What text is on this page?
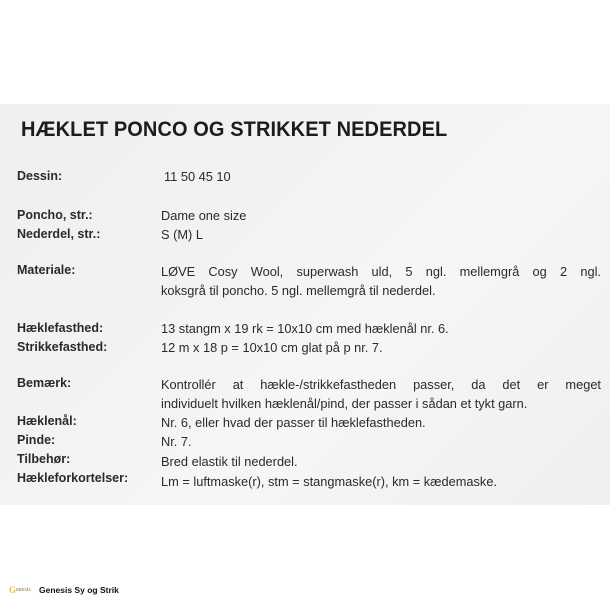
HÆKLET PONCO OG STRIKKET NEDERDEL
Dessin:	11 50 45 10
Poncho, str.:	Dame one size
Nederdel, str.:	S (M) L
Materiale:	LØVE Cosy Wool, superwash uld, 5 ngl. mellemgrå og 2 ngl.
koksgrå til poncho. 5 ngl. mellemgrå til nederdel.
Hæklefasthed:	13 stangm x 19 rk = 10x10 cm med hæklenål nr. 6.
Strikkefasthed:	12 m x 18 p = 10x10 cm glat på p nr. 7.
Bemærk:	Kontrollér at hækle-/strikkefastheden passer, da det er meget
individuelt hvilken hæklenål/pind, der passer i sådan et tykt garn.
Hæklenål:	Nr. 6, eller hvad der passer til hæklefastheden.
Pinde:	Nr. 7.
Tilbehør:	Bred elastik til nederdel.
Hækleforkortelser:	Lm = luftmaske(r), stm = stangmaske(r), km = kædemaske.
G enesis Genesis Sy og Strik
